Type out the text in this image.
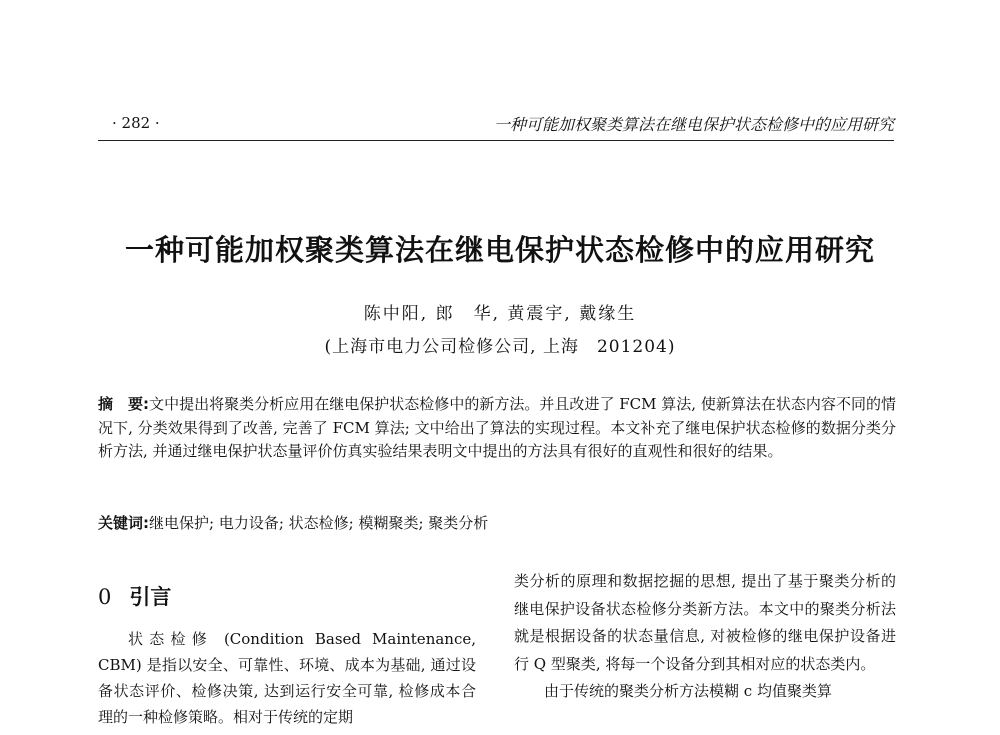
· 282 ·	一种可能加权聚类算法在继电保护状态检修中的应用研究
一种可能加权聚类算法在继电保护状态检修中的应用研究
陈中阳, 郎　华, 黄震宇, 戴缘生
(上海市电力公司检修公司, 上海　201204)
摘　要:文中提出将聚类分析应用在继电保护状态检修中的新方法。并且改进了 FCM 算法, 使新算法在状态内容不同的情况下, 分类效果得到了改善, 完善了 FCM 算法; 文中给出了算法的实现过程。本文补充了继电保护状态检修的数据分类分析方法, 并通过继电保护状态量评价仿真实验结果表明文中提出的方法具有很好的直观性和很好的结果。
关键词:继电保护; 电力设备; 状态检修; 模糊聚类; 聚类分析
0 引言

状态检修 (Condition Based Maintenance, CBM) 是指以安全、可靠性、环境、成本为基础, 通过设备状态评价、检修决策, 达到运行安全可靠, 检修成本合理的一种检修策略。相对于传统的定期

类分析的原理和数据挖掘的思想, 提出了基于聚类分析的继电保护设备状态检修分类新方法。本文中的聚类分析法就是根据设备的状态量信息, 对被检修的继电保护设备进行 Q 型聚类, 将每一个设备分到其相对应的状态类内。

由于传统的聚类分析方法模糊 c 均值聚类算
